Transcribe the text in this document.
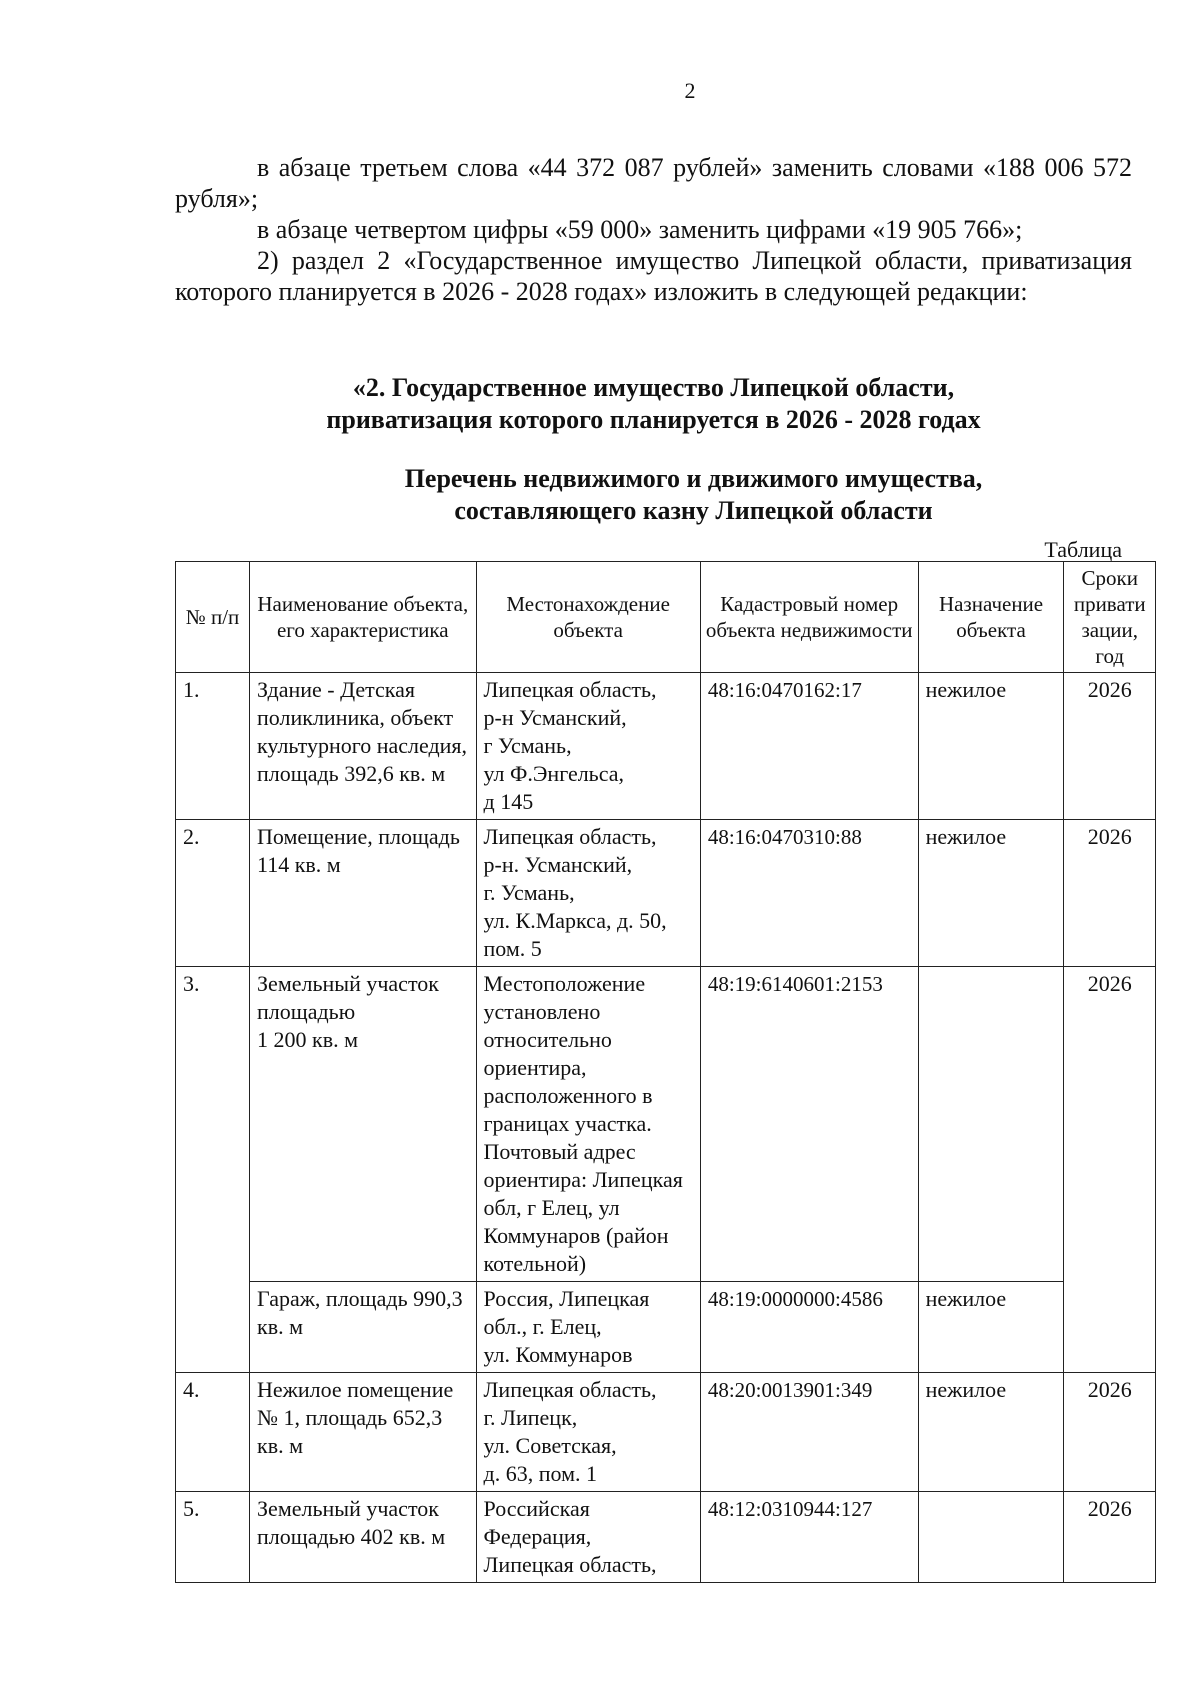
2

в абзаце третьем слова «44 372 087 рублей» заменить словами «188 006 572 рубля»;

в абзаце четвертом цифры «59 000» заменить цифрами «19 905 766»;

2) раздел 2 «Государственное имущество Липецкой области, приватизация которого планируется в 2026 - 2028 годах» изложить в следующей редакции:

«2. Государственное имущество Липецкой области,
приватизация которого планируется в 2026 - 2028 годах
Перечень недвижимого и движимого имущества,
составляющего казну Липецкой области
Таблица
№ п/п	Наименование объекта, его характеристика	Местонахождение объекта	Кадастровый номер объекта недвижимости	Назначение объекта	Сроки привати зации, год
1.	Здание - Детская поликлиника, объект культурного наследия, площадь 392,6 кв. м	Липецкая область,
р-н Усманский,
г Усмань,
ул Ф.Энгельса,
д 145	48:16:0470162:17	нежилое	2026
2.	Помещение, площадь 114 кв. м	Липецкая область,
р-н. Усманский,
г. Усмань,
ул. К.Маркса, д. 50,
пом. 5	48:16:0470310:88	нежилое	2026
3.	Земельный участок площадью
1 200 кв. м	Местоположение установлено относительно ориентира, расположенного в границах участка. Почтовый адрес ориентира: Липецкая обл, г Елец, ул Коммунаров (район котельной)	48:19:6140601:2153		2026
	Гараж, площадь 990,3 кв. м	Россия, Липецкая обл., г. Елец,
ул. Коммунаров	48:19:0000000:4586	нежилое	
4.	Нежилое помещение № 1, площадь 652,3 кв. м	Липецкая область,
г. Липецк,
ул. Советская,
д. 63, пом. 1	48:20:0013901:349	нежилое	2026
5.	Земельный участок площадью 402 кв. м	Российская Федерация,
Липецкая область,	48:12:0310944:127		2026
